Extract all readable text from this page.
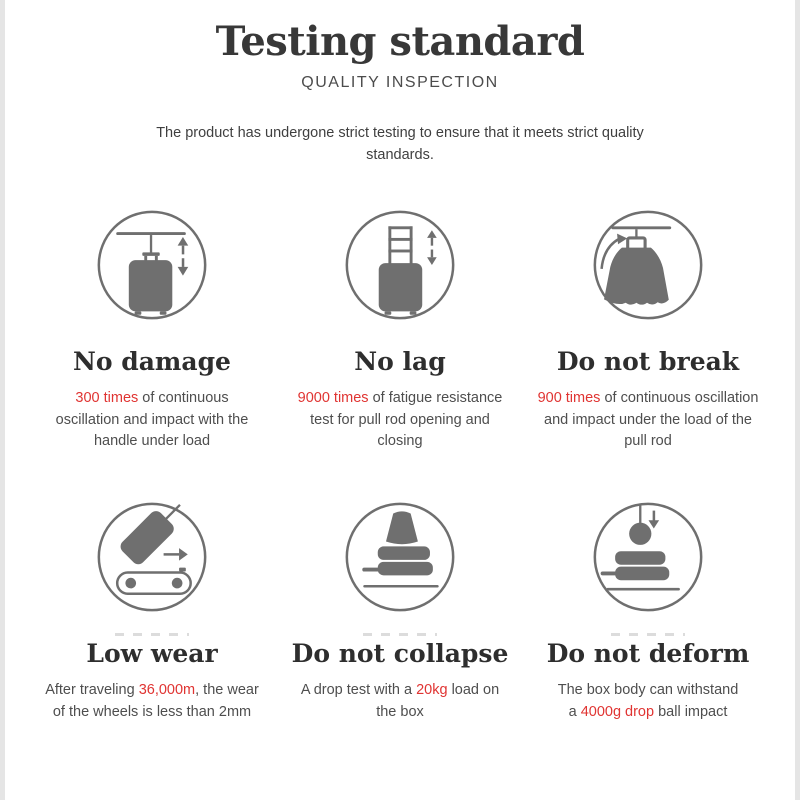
Testing standard
QUALITY INSPECTION
The product has undergone strict testing to ensure that it meets strict quality standards.
No damage
300 times of continuous oscillation and impact with the handle under load
No lag
9000 times of fatigue resistance test for pull rod opening and closing
Do not break
900 times of continuous oscillation and impact under the load of the pull rod
Low wear
After traveling 36,000m, the wear of the wheels is less than 2mm
Do not collapse
A drop test with a 20kg load on the box
Do not deform
The box body can withstand a 4000g drop ball impact
